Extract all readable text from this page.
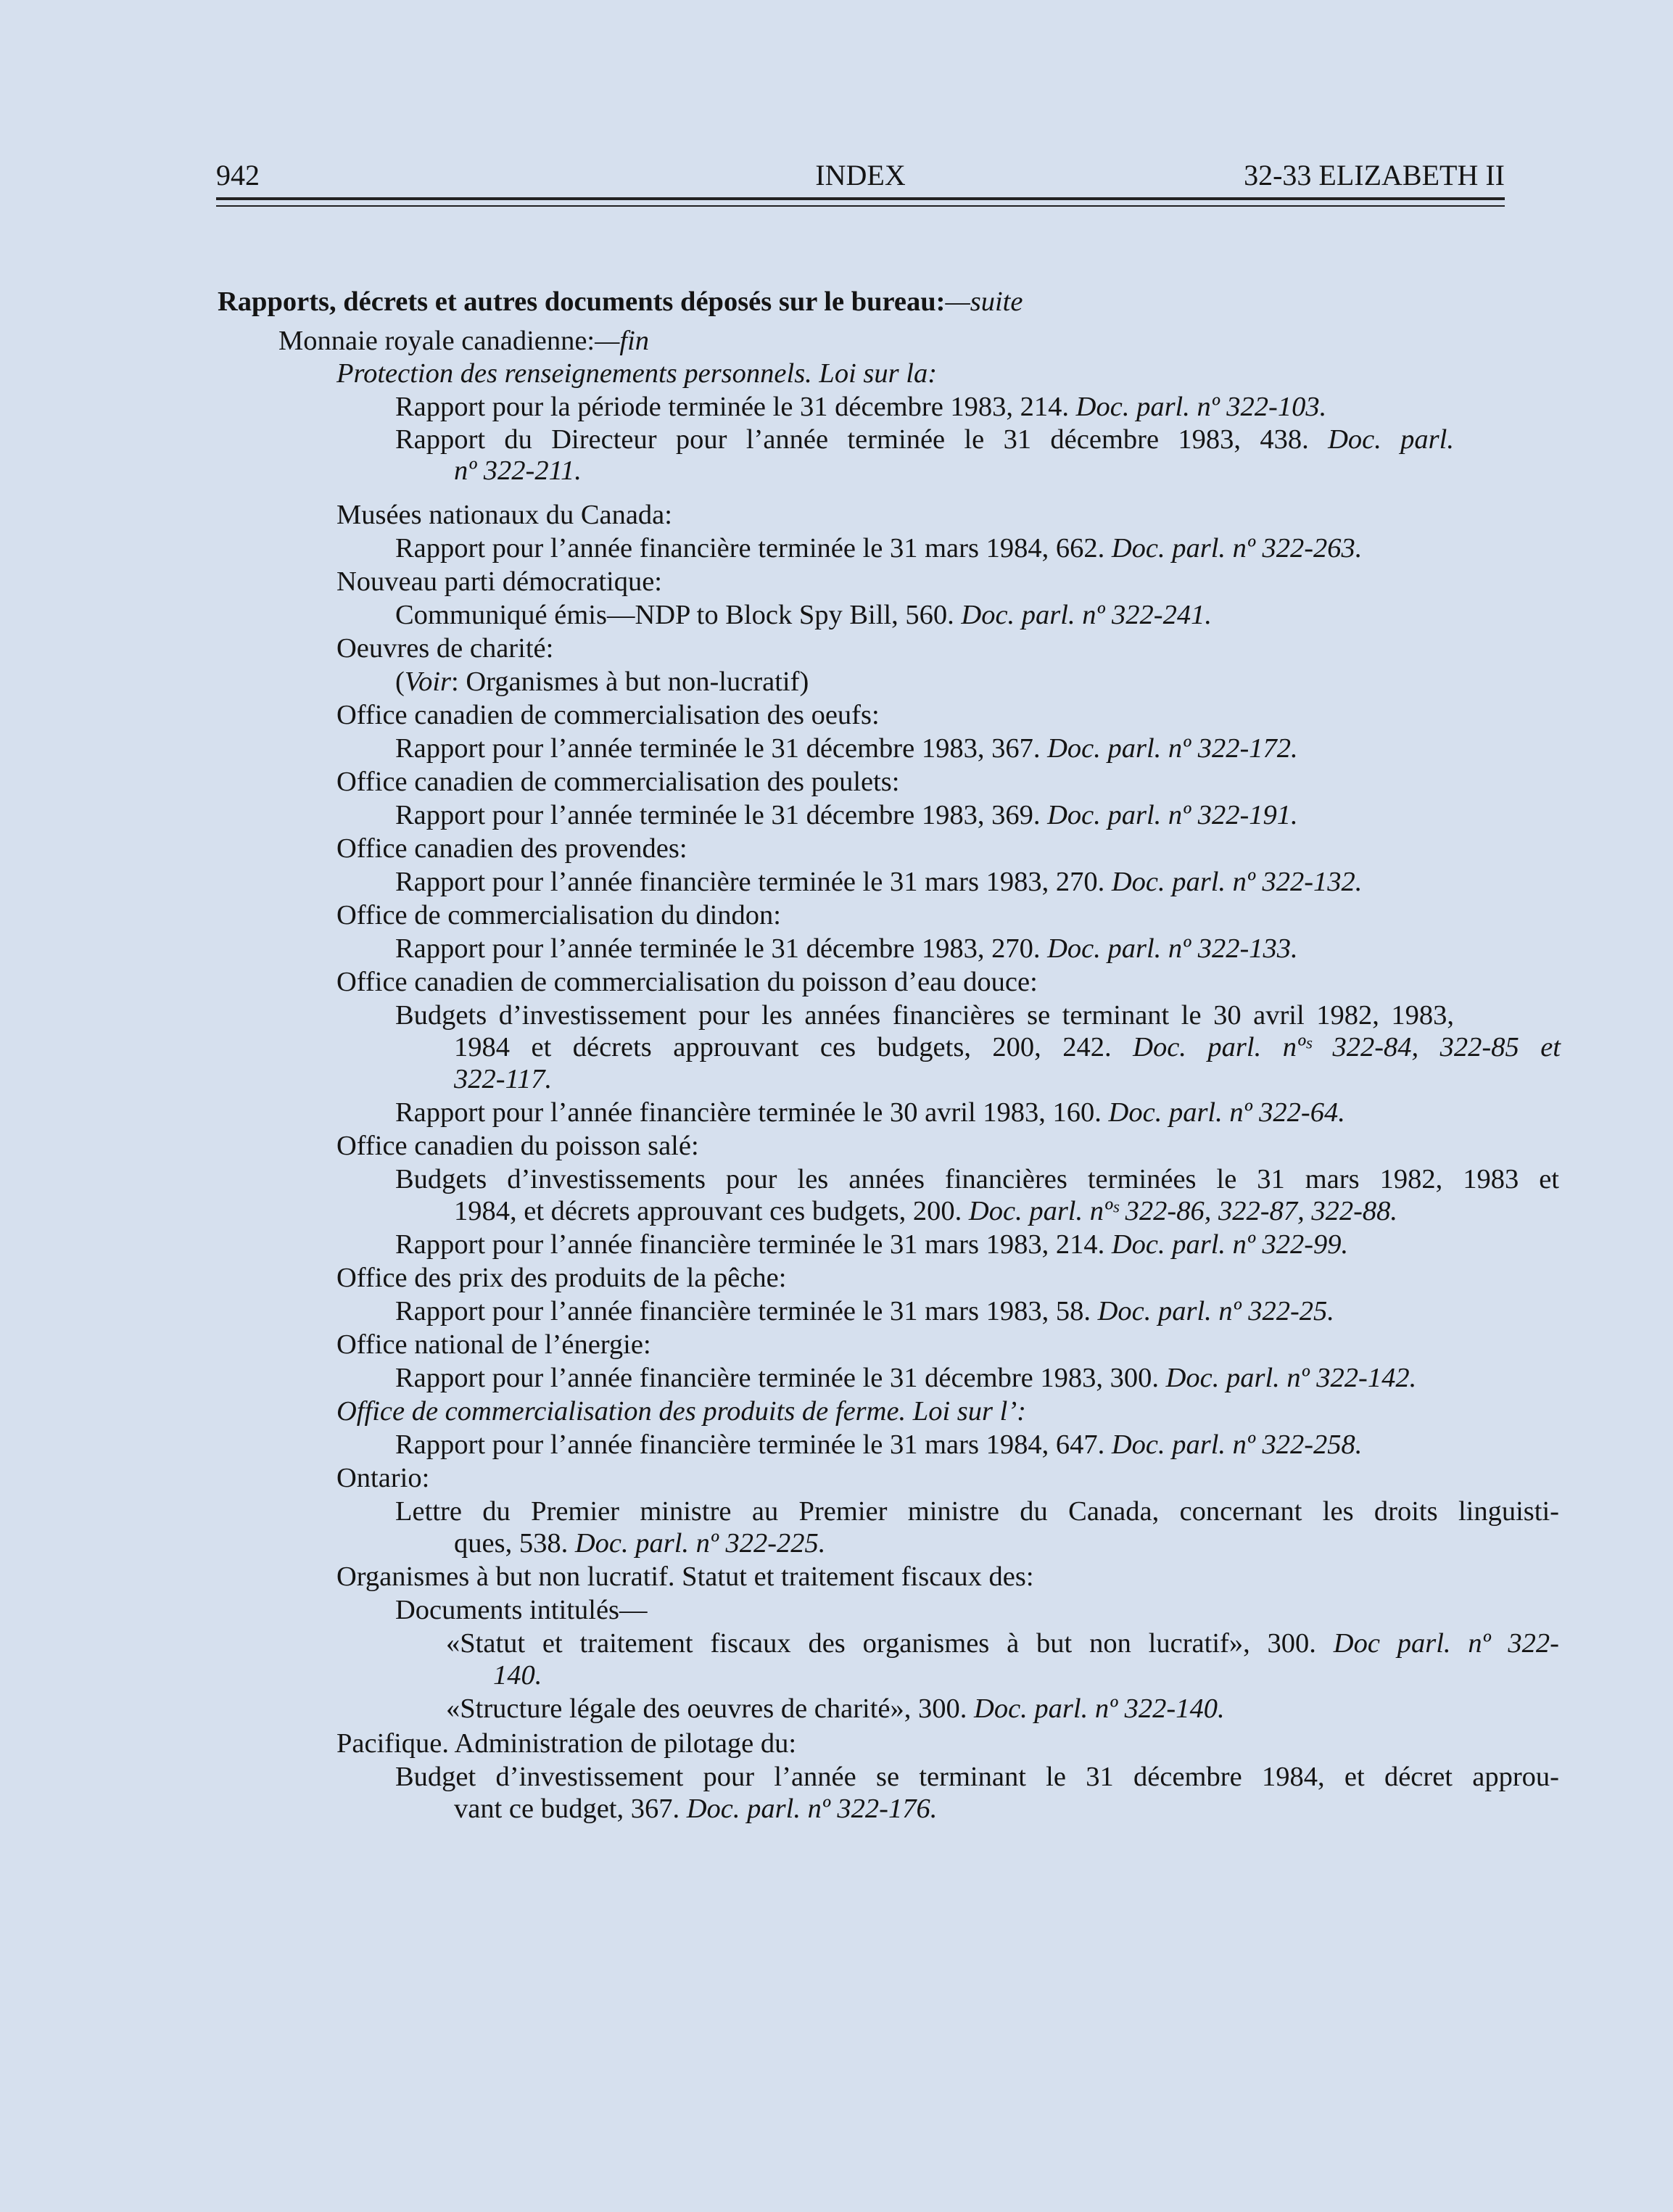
942	INDEX	32-33 ELIZABETH II
Rapports, décrets et autres documents déposés sur le bureau:—suite
Monnaie royale canadienne:—fin
Protection des renseignements personnels. Loi sur la:
Rapport pour la période terminée le 31 décembre 1983, 214. Doc. parl. nº 322-103.
Rapport du Directeur pour l’année terminée le 31 décembre 1983, 438. Doc. parl.
nº 322-211.
Musées nationaux du Canada:
Rapport pour l’année financière terminée le 31 mars 1984, 662. Doc. parl. nº 322-263.
Nouveau parti démocratique:
Communiqué émis—NDP to Block Spy Bill, 560. Doc. parl. nº 322-241.
Oeuvres de charité:
(Voir: Organismes à but non-lucratif)
Office canadien de commercialisation des oeufs:
Rapport pour l’année terminée le 31 décembre 1983, 367. Doc. parl. nº 322-172.
Office canadien de commercialisation des poulets:
Rapport pour l’année terminée le 31 décembre 1983, 369. Doc. parl. nº 322-191.
Office canadien des provendes:
Rapport pour l’année financière terminée le 31 mars 1983, 270. Doc. parl. nº 322-132.
Office de commercialisation du dindon:
Rapport pour l’année terminée le 31 décembre 1983, 270. Doc. parl. nº 322-133.
Office canadien de commercialisation du poisson d’eau douce:
Budgets d’investissement pour les années financières se terminant le 30 avril 1982, 1983,
1984 et décrets approuvant ces budgets, 200, 242. Doc. parl. nºˢ 322-84, 322-85 et
322-117.
Rapport pour l’année financière terminée le 30 avril 1983, 160. Doc. parl. nº 322-64.
Office canadien du poisson salé:
Budgets d’investissements pour les années financières terminées le 31 mars 1982, 1983 et
1984, et décrets approuvant ces budgets, 200. Doc. parl. nºˢ 322-86, 322-87, 322-88.
Rapport pour l’année financière terminée le 31 mars 1983, 214. Doc. parl. nº 322-99.
Office des prix des produits de la pêche:
Rapport pour l’année financière terminée le 31 mars 1983, 58. Doc. parl. nº 322-25.
Office national de l’énergie:
Rapport pour l’année financière terminée le 31 décembre 1983, 300. Doc. parl. nº 322-142.
Office de commercialisation des produits de ferme. Loi sur l’:
Rapport pour l’année financière terminée le 31 mars 1984, 647. Doc. parl. nº 322-258.
Ontario:
Lettre du Premier ministre au Premier ministre du Canada, concernant les droits linguisti-
ques, 538. Doc. parl. nº 322-225.
Organismes à but non lucratif. Statut et traitement fiscaux des:
Documents intitulés—
«Statut et traitement fiscaux des organismes à but non lucratif», 300. Doc parl. nº 322-
140.
«Structure légale des oeuvres de charité», 300. Doc. parl. nº 322-140.
Pacifique. Administration de pilotage du:
Budget d’investissement pour l’année se terminant le 31 décembre 1984, et décret approu-
vant ce budget, 367. Doc. parl. nº 322-176.
